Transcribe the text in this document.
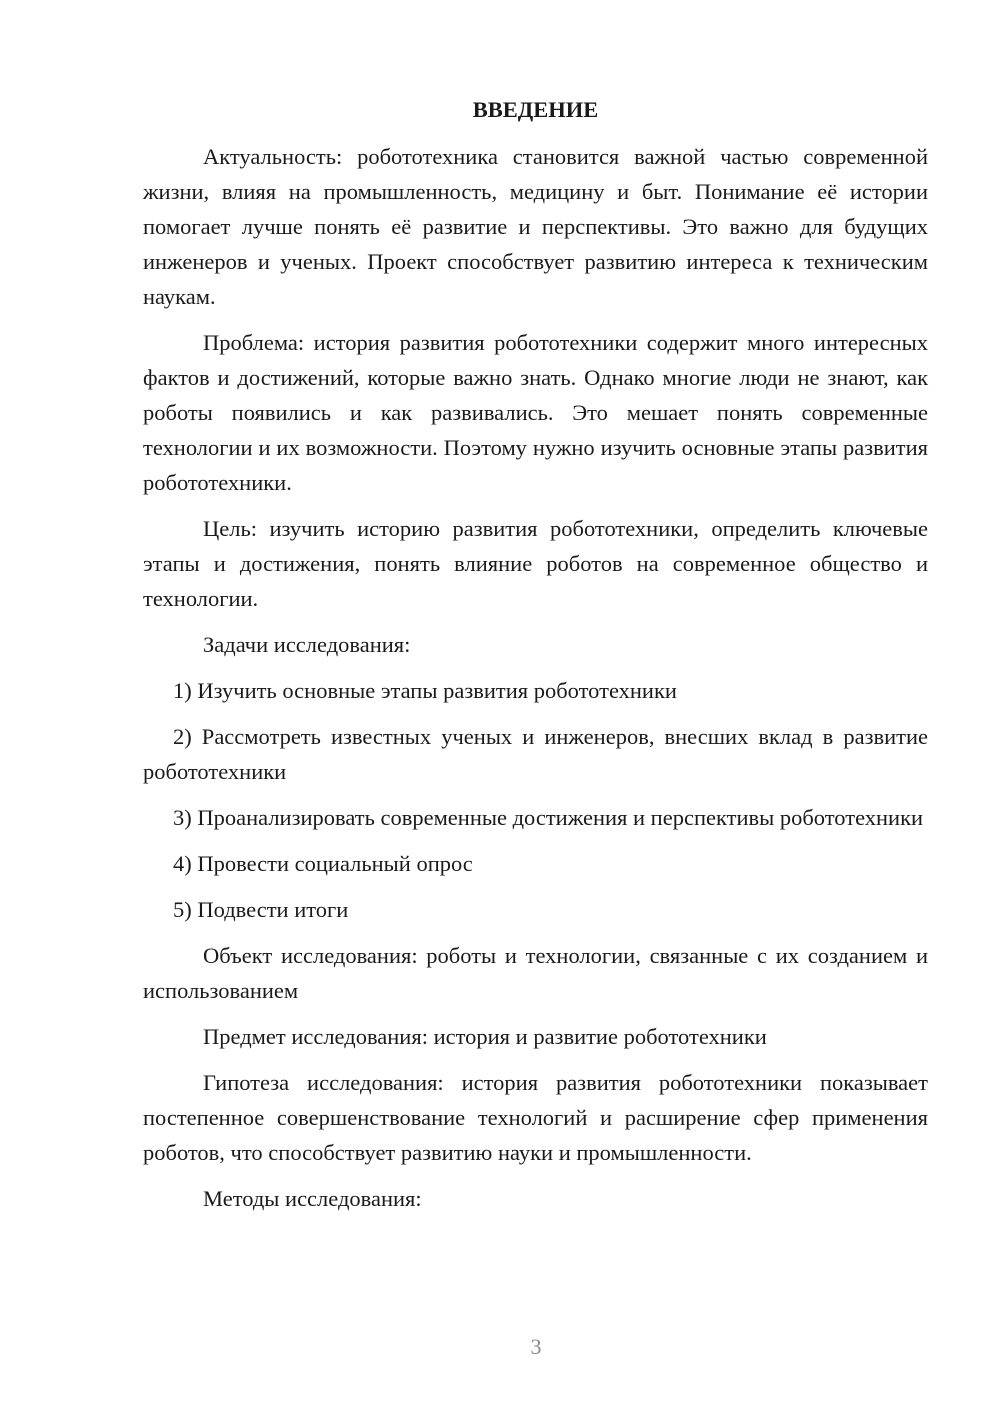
ВВЕДЕНИЕ

Актуальность: робототехника становится важной частью современной жизни, влияя на промышленность, медицину и быт. Понимание её истории помогает лучше понять её развитие и перспективы. Это важно для будущих инженеров и ученых. Проект способствует развитию интереса к техническим наукам.

Проблема: история развития робототехники содержит много интересных фактов и достижений, которые важно знать. Однако многие люди не знают, как роботы появились и как развивались. Это мешает понять современные технологии и их возможности. Поэтому нужно изучить основные этапы развития робототехники.

Цель: изучить историю развития робототехники, определить ключевые этапы и достижения, понять влияние роботов на современное общество и технологии.

Задачи исследования:

1) Изучить основные этапы развития робототехники

2) Рассмотреть известных ученых и инженеров, внесших вклад в развитие робототехники

3) Проанализировать современные достижения и перспективы робототехники

4) Провести социальный опрос

5) Подвести итоги

Объект исследования: роботы и технологии, связанные с их созданием и использованием

Предмет исследования: история и развитие робототехники

Гипотеза исследования: история развития робототехники показывает постепенное совершенствование технологий и расширение сфер применения роботов, что способствует развитию науки и промышленности.

Методы исследования:

3
